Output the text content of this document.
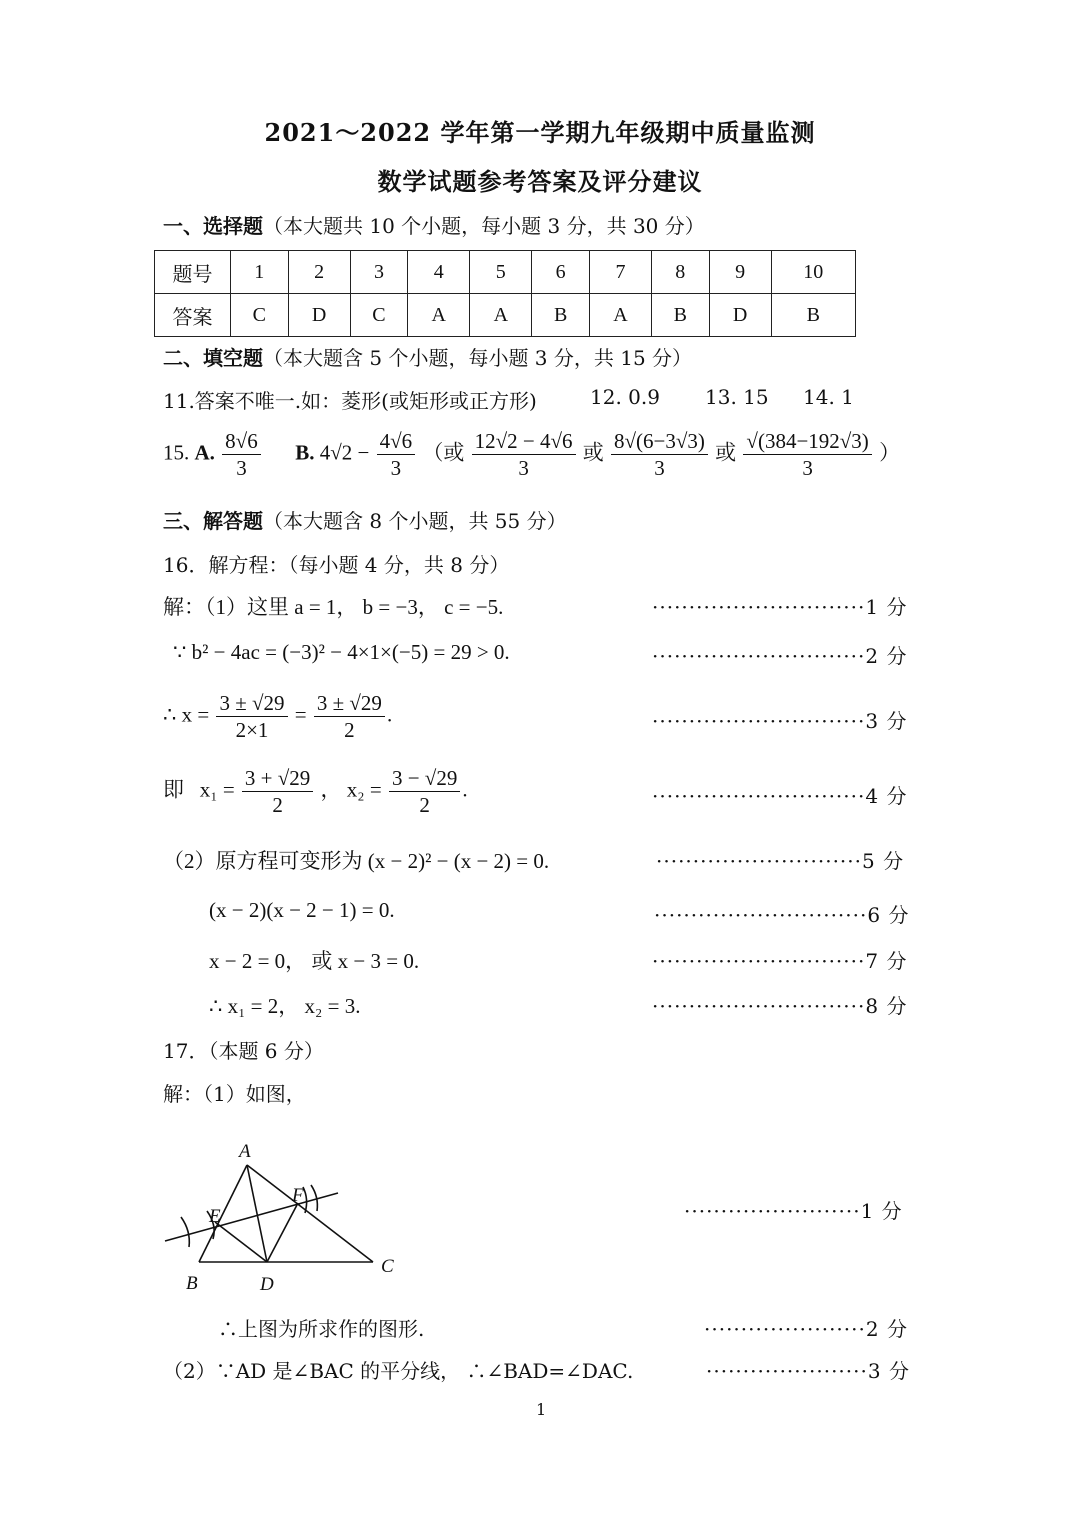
2021～2022 学年第一学期九年级期中质量监测
数学试题参考答案及评分建议
一、选择题（本大题共 10 个小题，每小题 3 分，共 30 分）
题号	1	2	3	4	5	6	7	8	9	10
答案	C	D	C	A	A	B	A	B	D	B
二、填空题（本大题含 5 个小题，每小题 3 分，共 15 分）
11.答案不唯一.如：菱形(或矩形或正方形)	12. 0.9 13. 15 14. 1
15. A. $\frac{8√6}{3} B$. $4√2 - \frac{4√6}{3}$ （或 $\frac{12√2 - 4√6}{3}$ 或 $\frac{8√(6-3√3)}{3}$ 或 $\frac{√(384-192√3)}{3}$ ）
三、解答题（本大题含 8 个小题，共 55 分）
16．解方程：（每小题 4 分，共 8 分）
解：（1）这里 a = 1， b = −3， c = −5.	·····························1 分
∵ b² − 4ac = (−3)² − 4×1×(−5) = 29 > 0.	·····························2 分
∴ $x = \frac{3 \pm √29}{2\times 1} = \frac{3 \pm √29}{2}$ .	·····························3 分
即 $x_1 = \frac{3 + √29}{2}$ ， $x_2 = \frac{3 - √29}{2}$ .	·····························4 分
（2）原方程可变形为 (x − 2)² − (x − 2) = 0.	····························5 分
(x − 2)(x − 2 − 1) = 0.	·····························6 分
x − 2 = 0， 或 x − 3 = 0.	·····························7 分
∴ x₁ = 2， x₂ = 3.	·····························8 分
17．（本题 6 分）
解：（1）如图，
A
B
C
D
E
F
························1 分
∴上图为所求作的图形.	······················2 分
（2）∵AD 是∠BAC 的平分线， ∴∠BAD=∠DAC.	······················3 分
1
